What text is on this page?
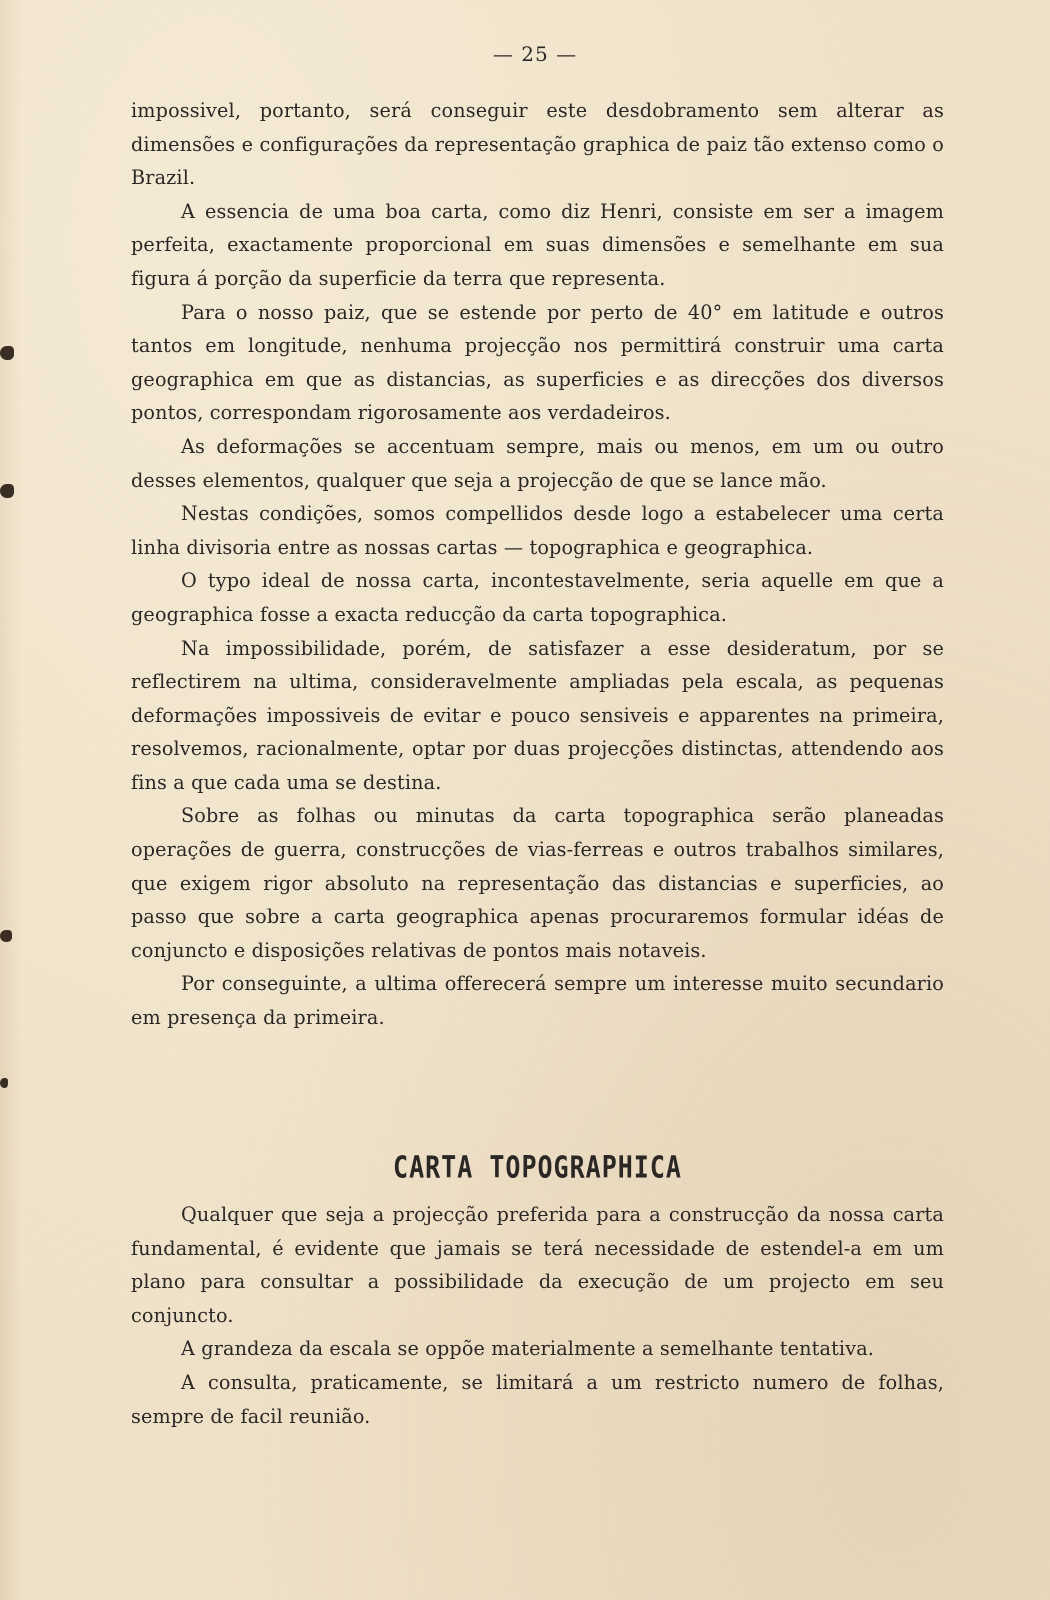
— 25 —

impossivel, portanto, será conseguir este desdobramento sem alterar as dimensões e configurações da representação graphica de paiz tão extenso como o Brazil.

A essencia de uma boa carta, como diz Henri, consiste em ser a imagem perfeita, exactamente proporcional em suas dimensões e semelhante em sua figura á porção da superficie da terra que representa.

Para o nosso paiz, que se estende por perto de 40° em latitude e outros tantos em longitude, nenhuma projecção nos permittirá construir uma carta geographica em que as distancias, as superficies e as direcções dos diversos pontos, correspondam rigorosamente aos verdadeiros.

As deformações se accentuam sempre, mais ou menos, em um ou outro desses elementos, qualquer que seja a projecção de que se lance mão.

Nestas condições, somos compellidos desde logo a estabelecer uma certa linha divisoria entre as nossas cartas — topographica e geographica.

O typo ideal de nossa carta, incontestavelmente, seria aquelle em que a geographica fosse a exacta reducção da carta topographica.

Na impossibilidade, porém, de satisfazer a esse desideratum, por se reflectirem na ultima, consideravelmente ampliadas pela escala, as pequenas deformações impossiveis de evitar e pouco sensiveis e apparentes na primeira, resolvemos, racionalmente, optar por duas projecções distinctas, attendendo aos fins a que cada uma se destina.

Sobre as folhas ou minutas da carta topographica serão planeadas operações de guerra, construcções de vias-ferreas e outros trabalhos similares, que exigem rigor absoluto na representação das distancias e superficies, ao passo que sobre a carta geographica apenas procuraremos formular idéas de conjuncto e disposições relativas de pontos mais notaveis.

Por conseguinte, a ultima offerecerá sempre um interesse muito secundario em presença da primeira.

CARTA TOPOGRAPHICA

Qualquer que seja a projecção preferida para a construcção da nossa carta fundamental, é evidente que jamais se terá necessidade de estendel-a em um plano para consultar a possibilidade da execução de um projecto em seu conjuncto.

A grandeza da escala se oppõe materialmente a semelhante tentativa.

A consulta, praticamente, se limitará a um restricto numero de folhas, sempre de facil reunião.
